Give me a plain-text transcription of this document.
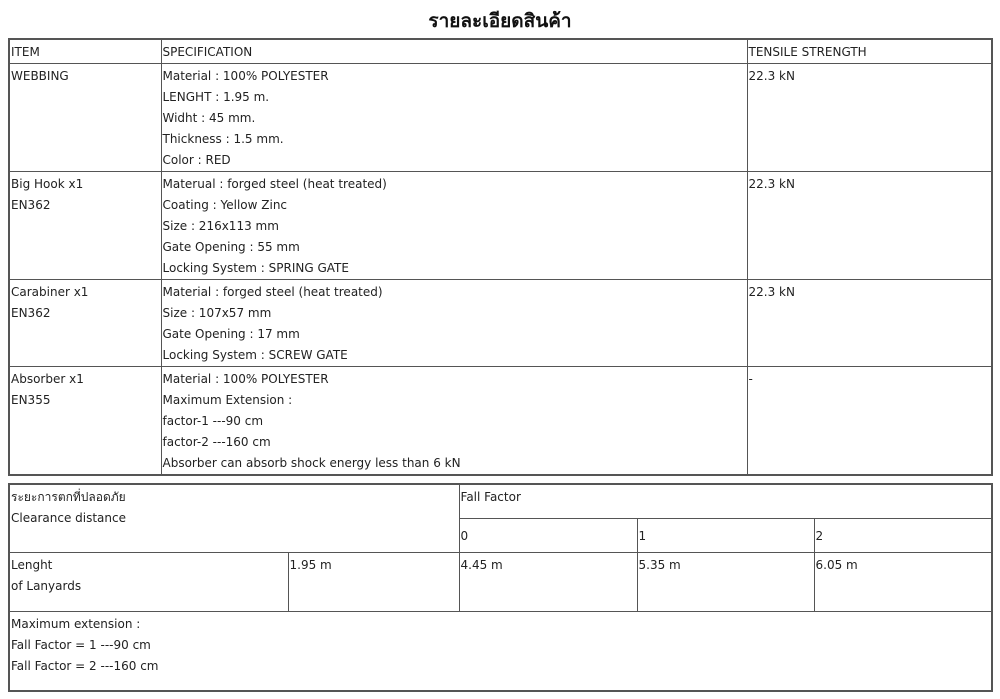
รายละเอียดสินค้า
ITEM	SPECIFICATION	TENSILE STRENGTH

WEBBING	Material : 100% POLYESTER
LENGHT : 1.95 m.
Widht : 45 mm.
Thickness : 1.5 mm.
Color : RED	22.3 kN

Big Hook x1
EN362	Materual : forged steel (heat treated)
Coating : Yellow Zinc
Size : 216x113 mm
Gate Opening : 55 mm
Locking System : SPRING GATE	22.3 kN

Carabiner x1
EN362	Material : forged steel (heat treated)
Size : 107x57 mm
Gate Opening : 17 mm
Locking System : SCREW GATE	22.3 kN

Absorber x1
EN355	Material : 100% POLYESTER
Maximum Extension :
factor-1 ---90 cm
factor-2 ---160 cm
Absorber can absorb shock energy less than 6 kN	-
ระยะการตกที่ปลอดภัย
Clearance distance		Fall Factor		
		0	1	2

Lenght
of Lanyards	1.95 m	4.45 m	5.35 m	6.05 m

Maximum extension :
Fall Factor = 1 ---90 cm
Fall Factor = 2 ---160 cm				
